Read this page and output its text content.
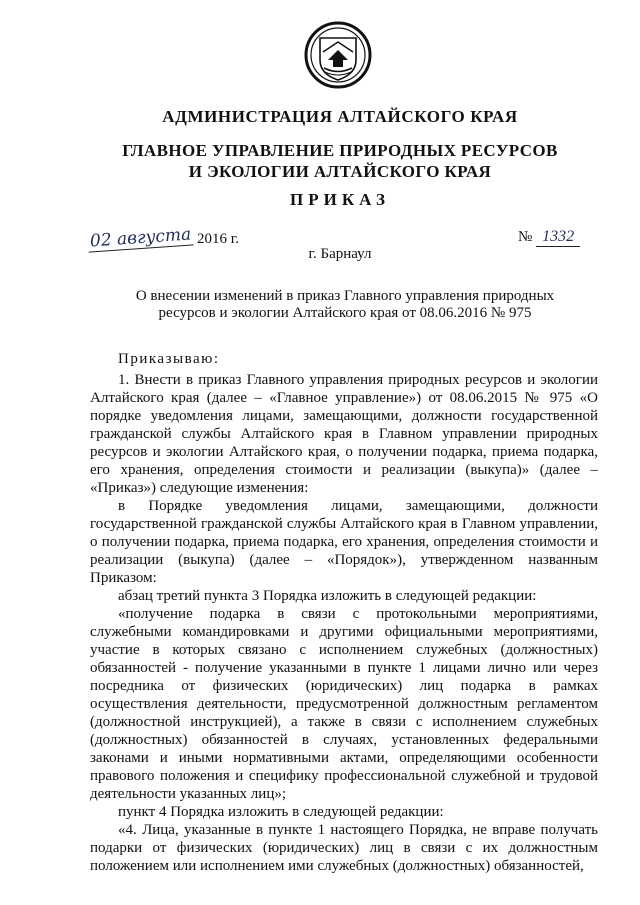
АДМИНИСТРАЦИЯ АЛТАЙСКОГО КРАЯ
ГЛАВНОЕ УПРАВЛЕНИЕ ПРИРОДНЫХ РЕСУРСОВ
И ЭКОЛОГИИ АЛТАЙСКОГО КРАЯ
ПРИКАЗ
02 августа 2016 г.	№ 1332
г. Барнаул
О внесении изменений в приказ Главного управления природных
ресурсов и экологии Алтайского края от 08.06.2016 № 975

Приказываю:

1. Внести в приказ Главного управления природных ресурсов и экологии Алтайского края (далее – «Главное управление») от 08.06.2015 № 975 «О порядке уведомления лицами, замещающими, должности государственной гражданской службы Алтайского края в Главном управлении природных ресурсов и экологии Алтайского края, о получении подарка, приема подарка, его хранения, определения стоимости и реализации (выкупа)» (далее – «Приказ») следующие изменения:

в Порядке уведомления лицами, замещающими, должности государственной гражданской службы Алтайского края в Главном управлении, о получении подарка, приема подарка, его хранения, определения стоимости и реализации (выкупа) (далее – «Порядок»), утвержденном названным Приказом:

абзац третий пункта 3 Порядка изложить в следующей редакции:

«получение подарка в связи с протокольными мероприятиями, служебными командировками и другими официальными мероприятиями, участие в которых связано с исполнением служебных (должностных) обязанностей - получение указанными в пункте 1 лицами лично или через посредника от физических (юридических) лиц подарка в рамках осуществления деятельности, предусмотренной должностным регламентом (должностной инструкцией), а также в связи с исполнением служебных (должностных) обязанностей в случаях, установленных федеральными законами и иными нормативными актами, определяющими особенности правового положения и специфику профессиональной служебной и трудовой деятельности указанных лиц»;

пункт 4 Порядка изложить в следующей редакции:

«4. Лица, указанные в пункте 1 настоящего Порядка, не вправе получать подарки от физических (юридических) лиц в связи с их должностным положением или исполнением ими служебных (должностных) обязанностей,
